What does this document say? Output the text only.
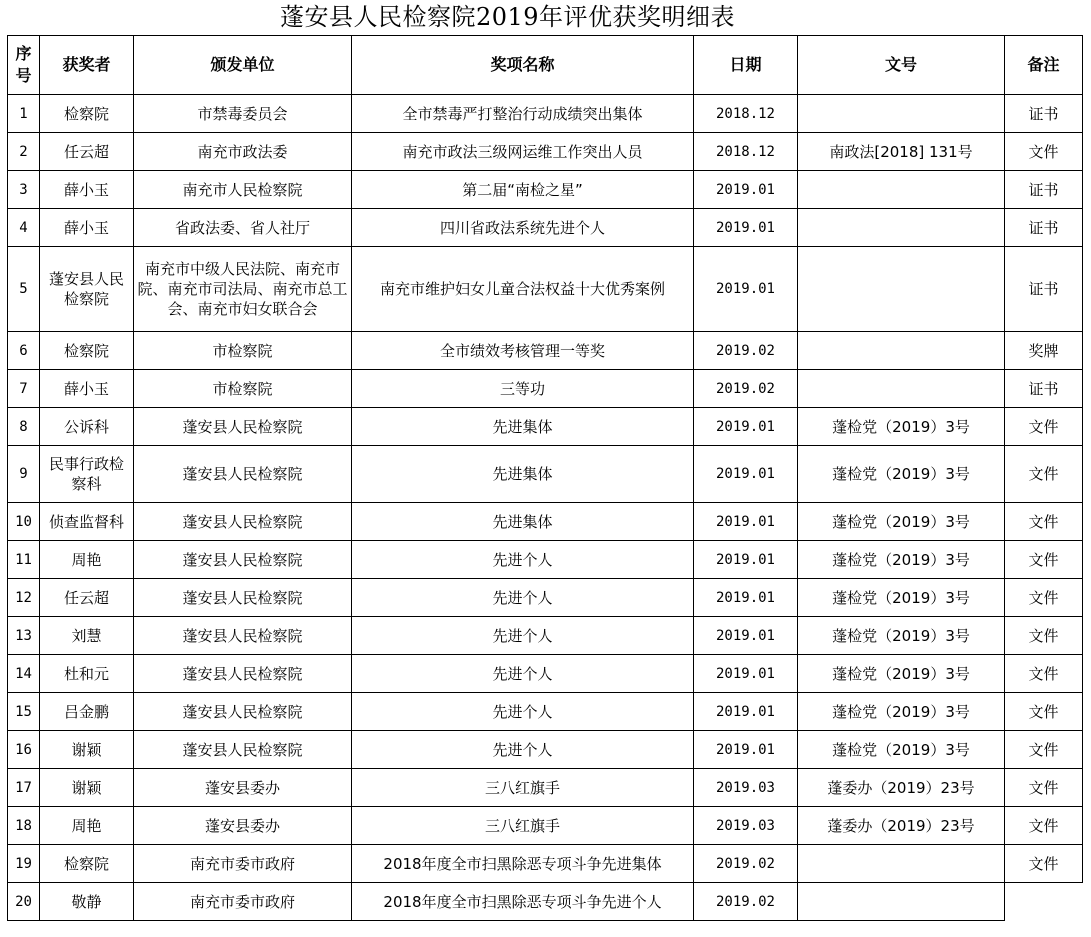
蓬安县人民检察院2019年评优获奖明细表
序号	获奖者	颁发单位	奖项名称	日期	文号	备注
1	检察院	市禁毒委员会	全市禁毒严打整治行动成绩突出集体	2018.12		证书
2	任云超	南充市政法委	南充市政法三级网运维工作突出人员	2018.12	南政法[2018] 131号	文件
3	薛小玉	南充市人民检察院	第二届“南检之星”	2019.01		证书
4	薛小玉	省政法委、省人社厅	四川省政法系统先进个人	2019.01		证书
5	蓬安县人民检察院	南充市中级人民法院、南充市院、南充市司法局、南充市总工会、南充市妇女联合会	南充市维护妇女儿童合法权益十大优秀案例	2019.01		证书
6	检察院	市检察院	全市绩效考核管理一等奖	2019.02		奖牌
7	薛小玉	市检察院	三等功	2019.02		证书
8	公诉科	蓬安县人民检察院	先进集体	2019.01	蓬检党（2019）3号	文件
9	民事行政检察科	蓬安县人民检察院	先进集体	2019.01	蓬检党（2019）3号	文件
10	侦查监督科	蓬安县人民检察院	先进集体	2019.01	蓬检党（2019）3号	文件
11	周艳	蓬安县人民检察院	先进个人	2019.01	蓬检党（2019）3号	文件
12	任云超	蓬安县人民检察院	先进个人	2019.01	蓬检党（2019）3号	文件
13	刘慧	蓬安县人民检察院	先进个人	2019.01	蓬检党（2019）3号	文件
14	杜和元	蓬安县人民检察院	先进个人	2019.01	蓬检党（2019）3号	文件
15	吕金鹏	蓬安县人民检察院	先进个人	2019.01	蓬检党（2019）3号	文件
16	谢颖	蓬安县人民检察院	先进个人	2019.01	蓬检党（2019）3号	文件
17	谢颖	蓬安县委办	三八红旗手	2019.03	蓬委办（2019）23号	文件
18	周艳	蓬安县委办	三八红旗手	2019.03	蓬委办（2019）23号	文件
19	检察院	南充市委市政府	2018年度全市扫黑除恶专项斗争先进集体	2019.02		文件
20	敬静	南充市委市政府	2018年度全市扫黑除恶专项斗争先进个人	2019.02		
